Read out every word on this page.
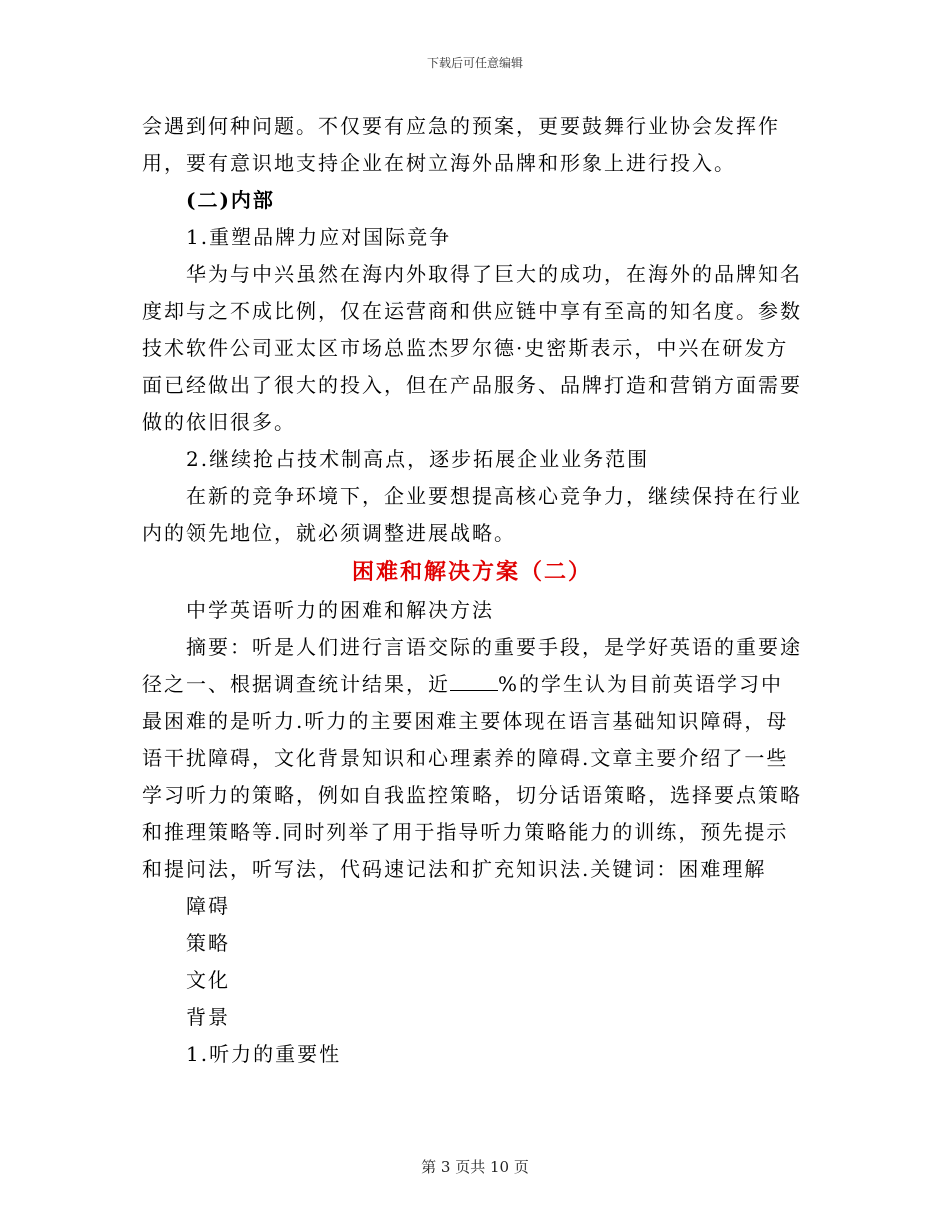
下载后可任意编辑

会遇到何种问题。不仅要有应急的预案，更要鼓舞行业协会发挥作用，要有意识地支持企业在树立海外品牌和形象上进行投入。

(二)内部

1.重塑品牌力应对国际竞争

华为与中兴虽然在海内外取得了巨大的成功，在海外的品牌知名度却与之不成比例，仅在运营商和供应链中享有至高的知名度。参数技术软件公司亚太区市场总监杰罗尔德·史密斯表示，中兴在研发方面已经做出了很大的投入，但在产品服务、品牌打造和营销方面需要做的依旧很多。

2.继续抢占技术制高点，逐步拓展企业业务范围

在新的竞争环境下，企业要想提高核心竞争力，继续保持在行业内的领先地位，就必须调整进展战略。

困难和解决方案（二）

中学英语听力的困难和解决方法

摘要：听是人们进行言语交际的重要手段，是学好英语的重要途径之一、根据调查统计结果，近 %的学生认为目前英语学习中最困难的是听力.听力的主要困难主要体现在语言基础知识障碍，母语干扰障碍，文化背景知识和心理素养的障碍.文章主要介绍了一些学习听力的策略，例如自我监控策略，切分话语策略，选择要点策略和推理策略等.同时列举了用于指导听力策略能力的训练，预先提示和提问法，听写法，代码速记法和扩充知识法.关键词：困难理解

障碍

策略

文化

背景

1.听力的重要性

第 3 页共 10 页
